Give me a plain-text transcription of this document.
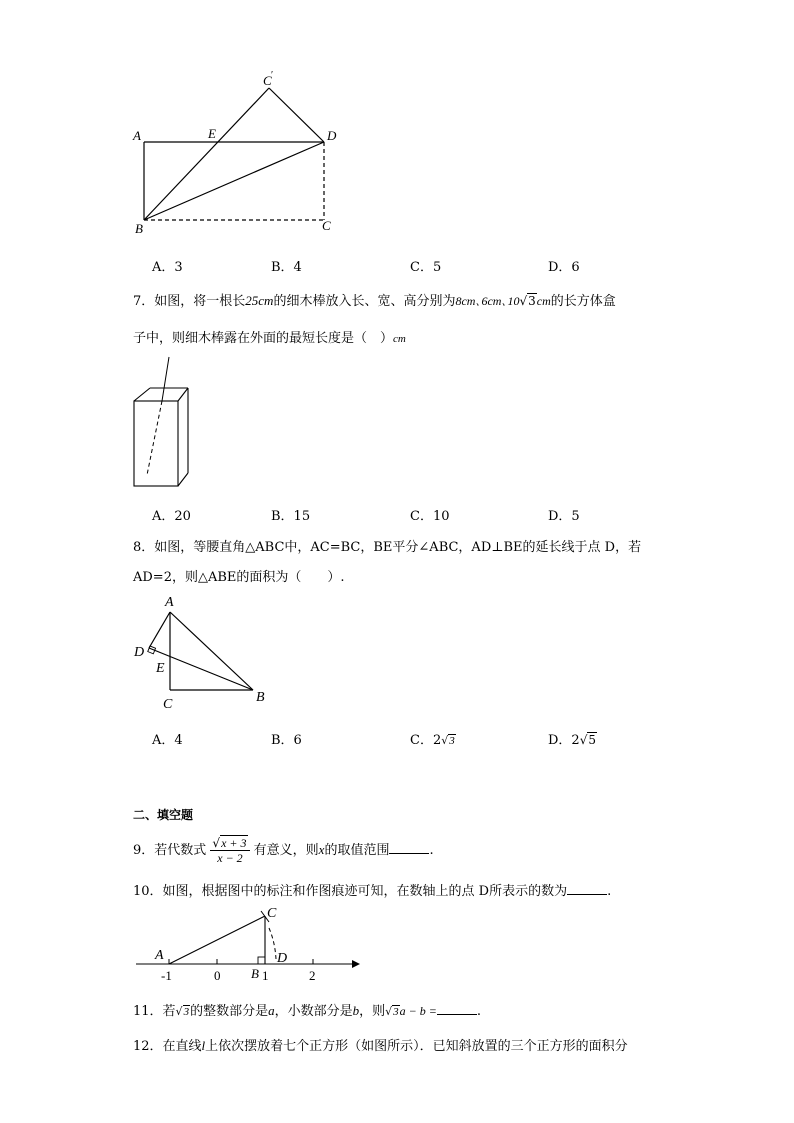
C ′
A	E	D
B	C
A．3	B．4	C．5	D．6
7．如图，将一根长25cm的细木棒放入长、宽、高分别为8cm､6cm､10√3cm的长方体盒
子中，则细木棒露在外面的最短长度是（　）cm
A．20	B．15	C．10	D．5
8．如图，等腰直角△ABC中，AC=BC，BE平分∠ABC，AD⊥BE的延长线于点 D，若
AD=2，则△ABE的面积为（　　）.
A
D
E
C	B
A．4	B．6	C．2√3	D．2√5
二、填空题
9．若代数式 $\frac{√x + 3}{x - 2}$ 有意义，则x的取值范围	.
10．如图，根据图中的标注和作图痕迹可知，在数轴上的点 D所表示的数为	.
C
A
B
D
-1	0	1	2
11．若√3的整数部分是a，小数部分是b，则√3a − b =	.
12．在直线l上依次摆放着七个正方形（如图所示）．已知斜放置的三个正方形的面积分
